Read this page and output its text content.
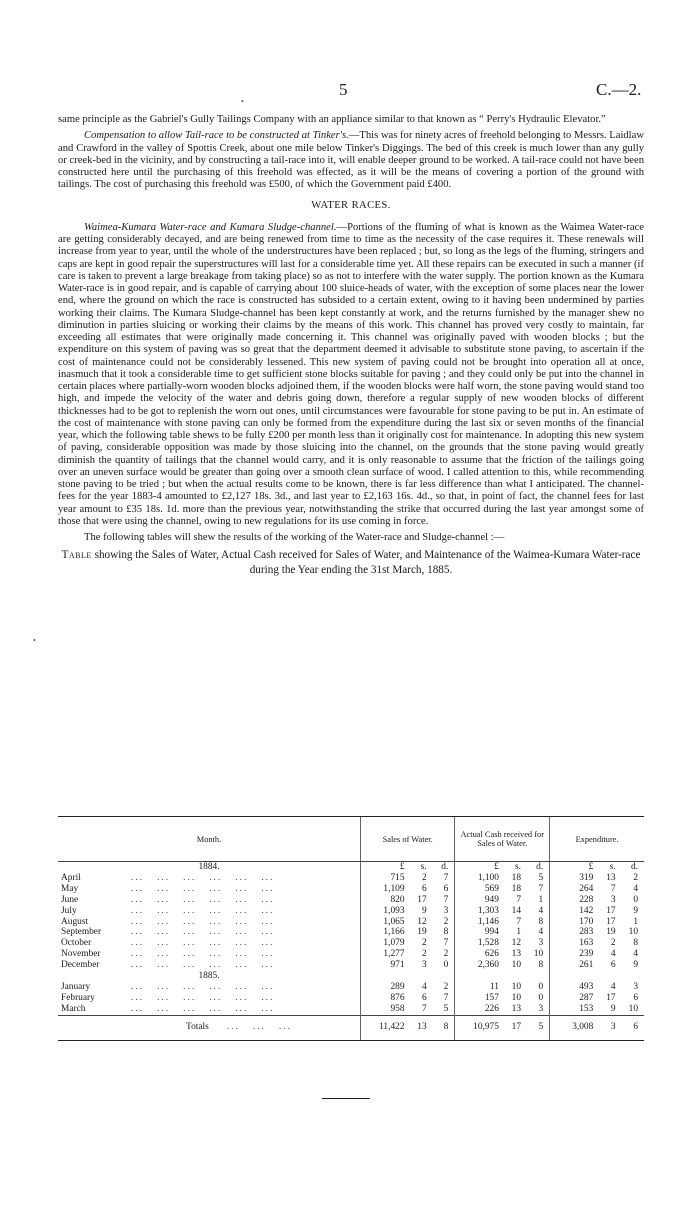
5	C.—2.
•
•

same principle as the Gabriel's Gully Tailings Company with an appliance similar to that known as “ Perry's Hydraulic Elevator.”

Compensation to allow Tail-race to be constructed at Tinker's.—This was for ninety acres of freehold belonging to Messrs. Laidlaw and Crawford in the valley of Spottis Creek, about one mile below Tinker's Diggings. The bed of this creek is much lower than any gully or creek-bed in the vicinity, and by constructing a tail-race into it, will enable deeper ground to be worked. A tail-race could not have been constructed here until the purchasing of this freehold was effected, as it will be the means of covering a portion of the ground with tailings. The cost of purchasing this freehold was £500, of which the Government paid £400.

WATER RACES.

Waimea-Kumara Water-race and Kumara Sludge-channel.—Portions of the fluming of what is known as the Waimea Water-race are getting considerably decayed, and are being renewed from time to time as the necessity of the case requires it. These renewals will increase from year to year, until the whole of the understructures have been replaced ; but, so long as the legs of the fluming, stringers and caps are kept in good repair the superstructures will last for a considerable time yet. All these repairs can be executed in such a manner (if care is taken to prevent a large breakage from taking place) so as not to interfere with the water supply. The portion known as the Kumara Water-race is in good repair, and is capable of carrying about 100 sluice-heads of water, with the exception of some places near the lower end, where the ground on which the race is constructed has subsided to a certain extent, owing to it having been undermined by parties working their claims. The Kumara Sludge-channel has been kept constantly at work, and the returns furnished by the manager shew no diminution in parties sluicing or working their claims by the means of this work. This channel has proved very costly to maintain, far exceeding all estimates that were originally made concerning it. This channel was originally paved with wooden blocks ; but the expenditure on this system of paving was so great that the department deemed it advisable to substitute stone paving, to ascertain if the cost of maintenance could not be considerably lessened. This new system of paving could not be brought into operation all at once, inasmuch that it took a considerable time to get sufficient stone blocks suitable for paving ; and they could only be put into the channel in certain places where partially-worn wooden blocks adjoined them, if the wooden blocks were half worn, the stone paving would stand too high, and impede the velocity of the water and debris going down, therefore a regular supply of new wooden blocks of different thicknesses had to be got to replenish the worn out ones, until circumstances were favourable for stone paving to be put in. An estimate of the cost of maintenance with stone paving can only be formed from the expenditure during the last six or seven months of the financial year, which the following table shews to be fully £200 per month less than it originally cost for maintenance. In adopting this new system of paving, considerable opposition was made by those sluicing into the channel, on the grounds that the stone paving would greatly diminish the quantity of tailings that the channel would carry, and it is only reasonable to assume that the friction of the tailings going over an uneven surface would be greater than going over a smooth clean surface of wood. I called attention to this, while recommending stone paving to be tried ; but when the actual results come to be known, there is far less difference than what I anticipated. The channel-fees for the year 1883-4 amounted to £2,127 18s. 3d., and last year to £2,163 16s. 4d., so that, in point of fact, the channel fees for last year amount to £35 18s. 1d. more than the previous year, notwithstanding the strike that occurred during the last year amongst some of those that were using the channel, owing to new regulations for its use coming in force.

The following tables will shew the results of the working of the Water-race and Sludge-channel :—

Table showing the Sales of Water, Actual Cash received for Sales of Water, and Maintenance of the Waimea-Kumara Water-race during the Year ending the 31st March, 1885.
Month.	Sales of Water.			Actual Cash received for Sales of Water.			Expenditure.		
1884.	£	s.	d.	£	s.	d.	£	s.	d.
April ...   ...   ...   ...   ...   ...	715	2	7	1,100	18	5	319	13	2
May ...   ...   ...   ...   ...   ...	1,109	6	6	569	18	7	264	7	4
June ...   ...   ...   ...   ...   ...	820	17	7	949	7	1	228	3	0
July ...   ...   ...   ...   ...   ...	1,093	9	3	1,303	14	4	142	17	9
August ...   ...   ...   ...   ...   ...	1,065	12	2	1,146	7	8	170	17	1
September ...   ...   ...   ...   ...   ...	1,166	19	8	994	1	4	283	19	10
October ...   ...   ...   ...   ...   ...	1,079	2	7	1,528	12	3	163	2	8
November ...   ...   ...   ...   ...   ...	1,277	2	2	626	13	10	239	4	4
December ...   ...   ...   ...   ...   ...	971	3	0	2,360	10	8	261	6	9
1885.									
January ...   ...   ...   ...   ...   ...	289	4	2	11	10	0	493	4	3
February ...   ...   ...   ...   ...   ...	876	6	7	157	10	0	287	17	6
March ...   ...   ...   ...   ...   ...	958	7	5	226	13	3	153	9	10
Totals ...   ...   ...	11,422	13	8	10,975	17	5	3,008	3	6
